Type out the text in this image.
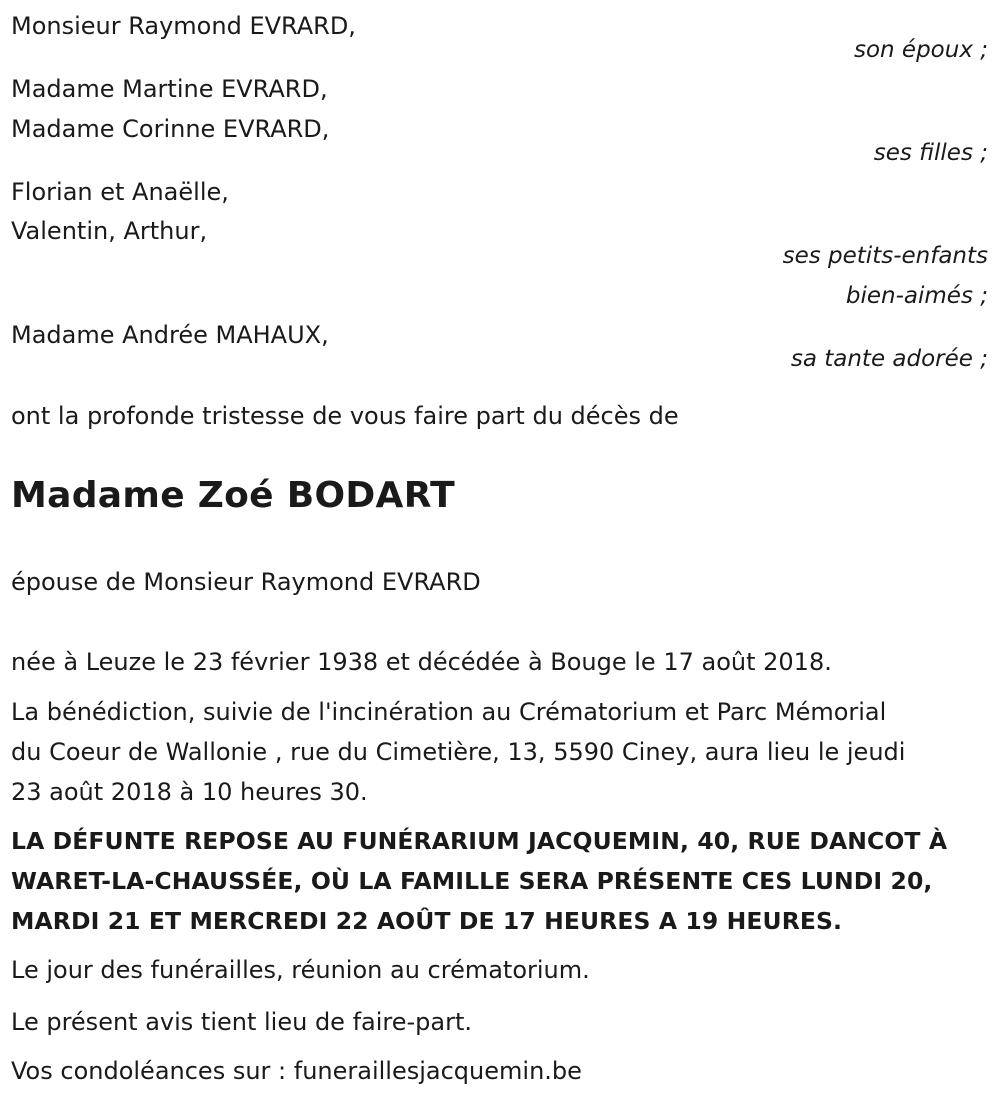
Monsieur Raymond EVRARD,
son époux ;
Madame Martine EVRARD,
Madame Corinne EVRARD,
ses filles ;
Florian et Anaëlle,
Valentin, Arthur,
ses petits-enfants
bien-aimés ;
Madame Andrée MAHAUX,
sa tante adorée ;
ont la profonde tristesse de vous faire part du décès de
Madame Zoé BODART
épouse de Monsieur Raymond EVRARD
née à Leuze le 23 février 1938 et décédée à Bouge le 17 août 2018.
La bénédiction, suivie de l'incinération au Crématorium et Parc Mémorial
du Coeur de Wallonie , rue du Cimetière, 13, 5590 Ciney, aura lieu le jeudi
23 août 2018 à 10 heures 30.
LA DÉFUNTE REPOSE AU FUNÉRARIUM JACQUEMIN, 40, RUE DANCOT À
WARET-LA-CHAUSSÉE, OÙ LA FAMILLE SERA PRÉSENTE CES LUNDI 20,
MARDI 21 ET MERCREDI 22 AOÛT DE 17 HEURES A 19 HEURES.
Le jour des funérailles, réunion au crématorium.
Le présent avis tient lieu de faire-part.
Vos condoléances sur : funeraillesjacquemin.be
